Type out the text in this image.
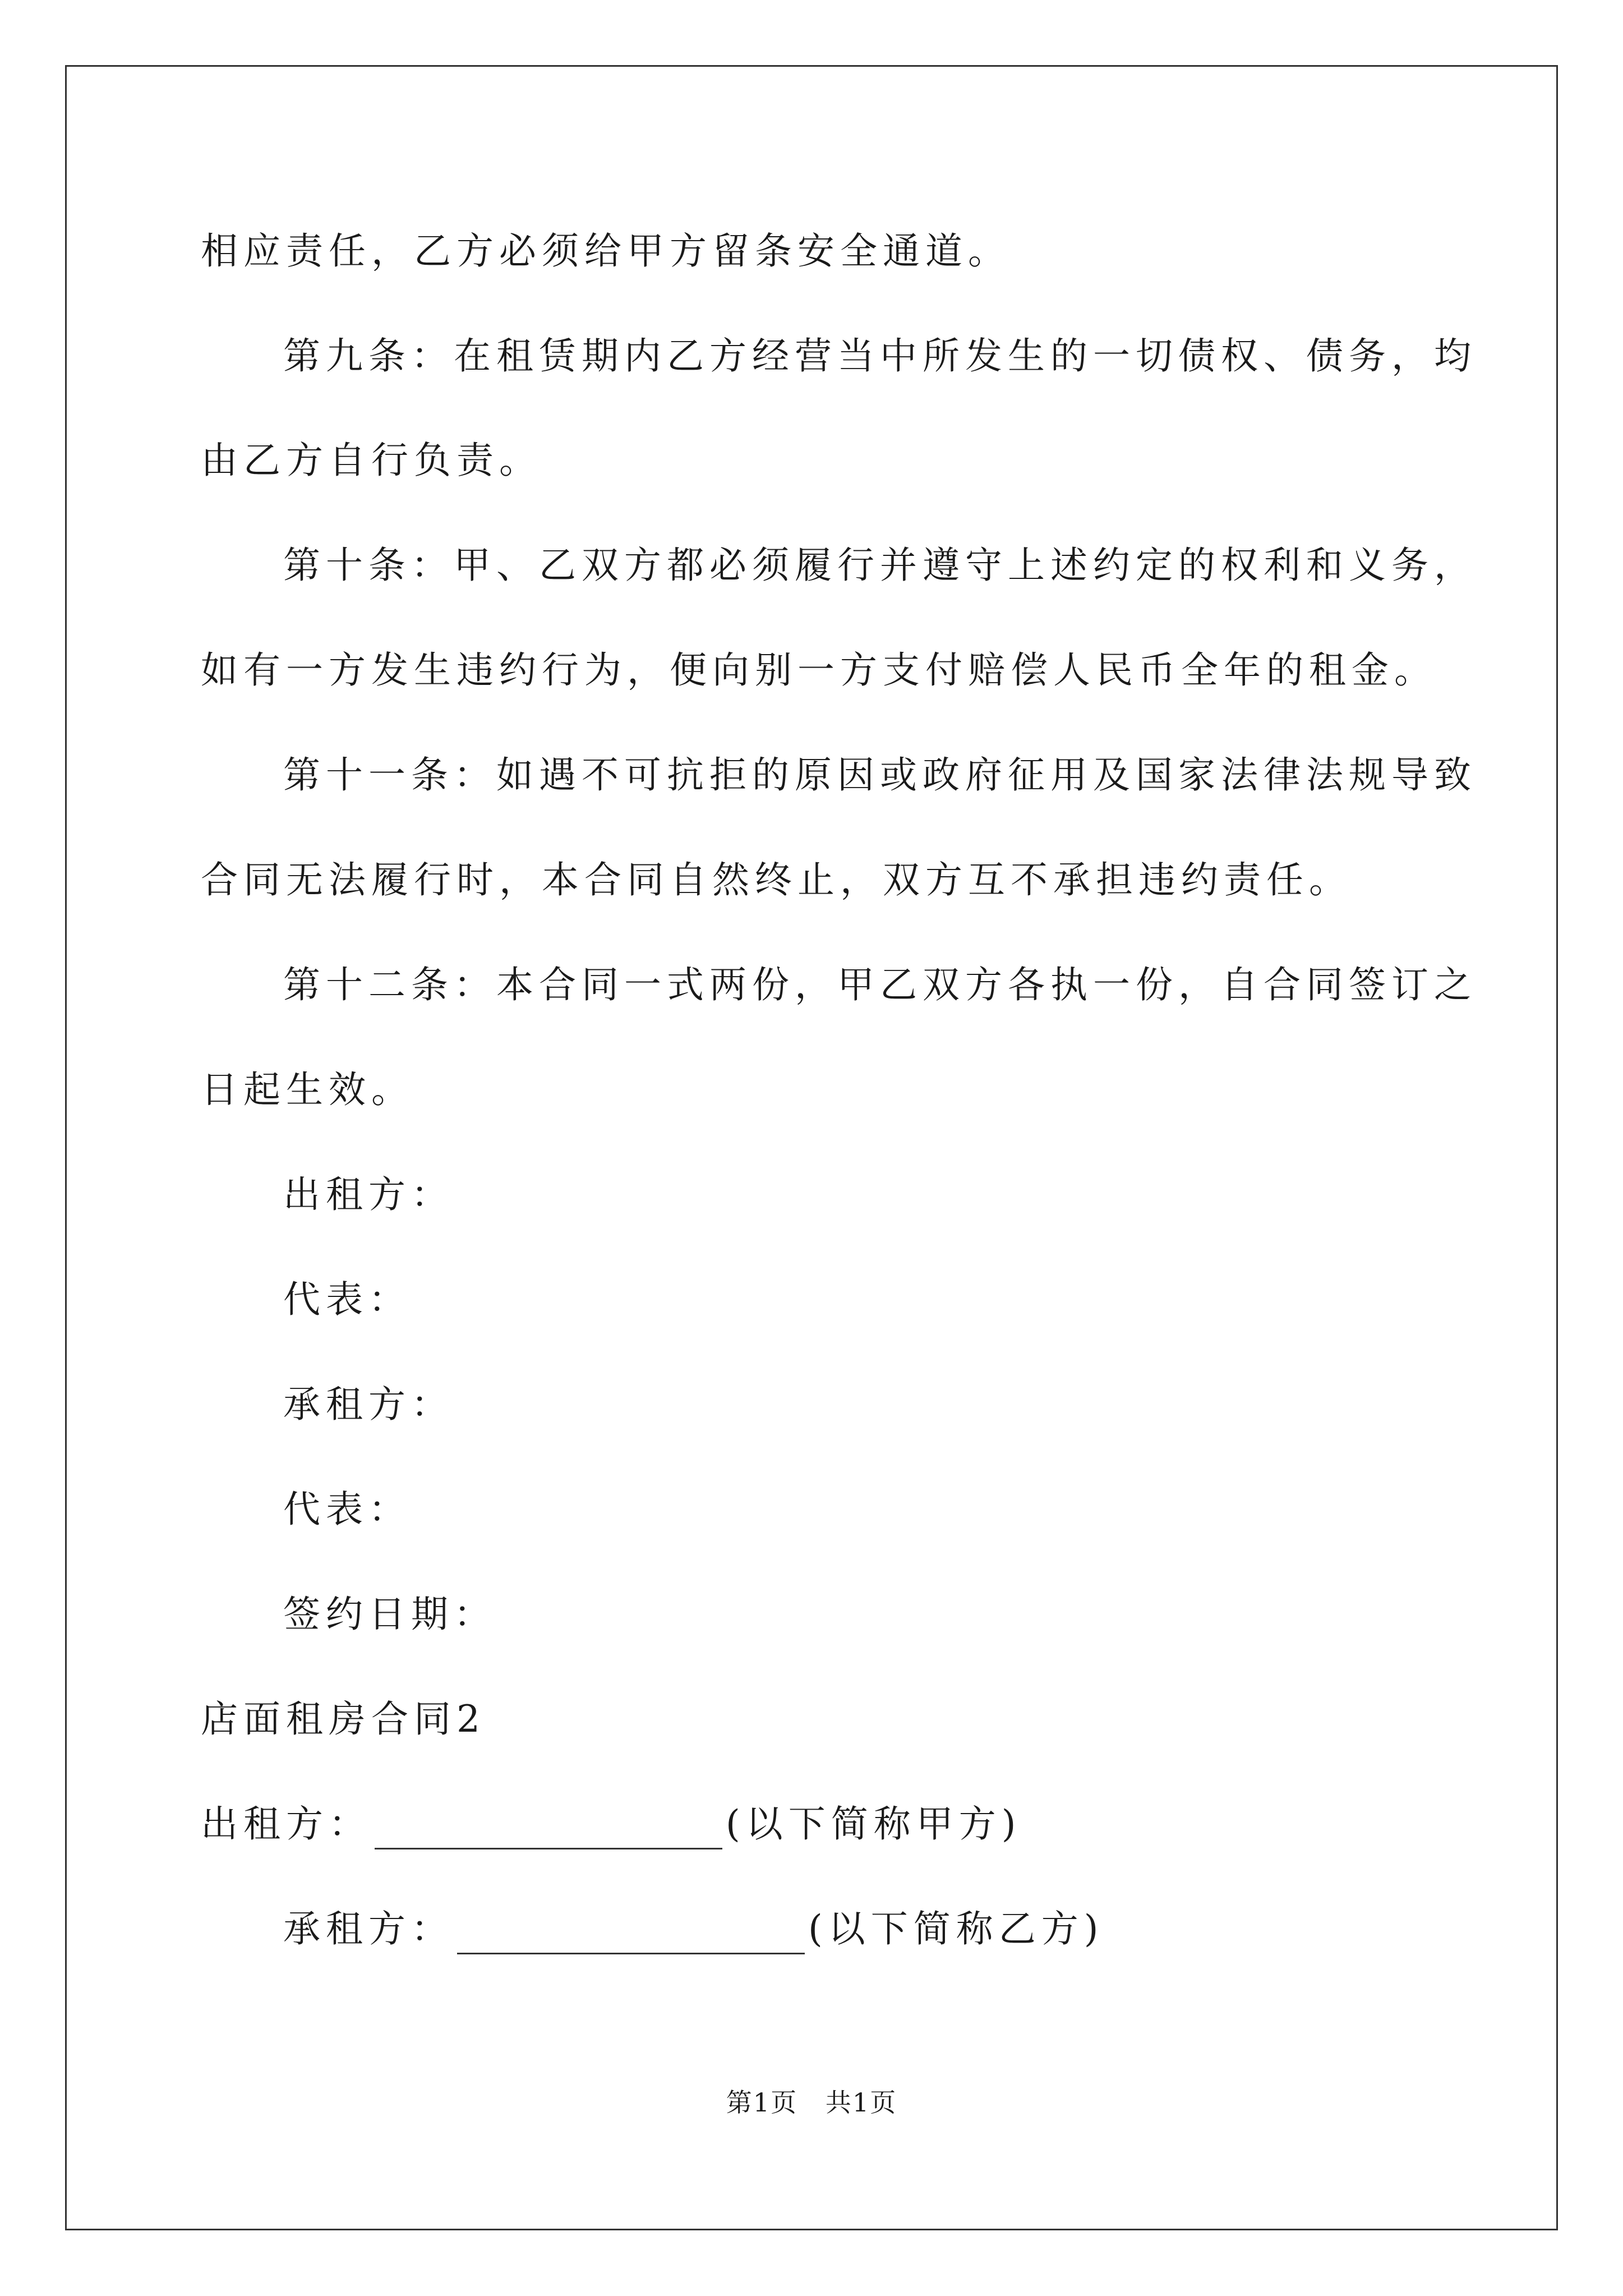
相应责任，乙方必须给甲方留条安全通道。
第九条：在租赁期内乙方经营当中所发生的一切债权、债务，均
由乙方自行负责。
第十条：甲、乙双方都必须履行并遵守上述约定的权利和义务，
如有一方发生违约行为，便向别一方支付赔偿人民币全年的租金。
第十一条：如遇不可抗拒的原因或政府征用及国家法律法规导致
合同无法履行时，本合同自然终止，双方互不承担违约责任。
第十二条：本合同一式两份，甲乙双方各执一份，自合同签订之
日起生效。
出租方：
代表：
承租方：
代表：
签约日期：
店面租房合同2
出租方：	(以下简称甲方)
承租方：	(以下简称乙方)
第1页   共1页
